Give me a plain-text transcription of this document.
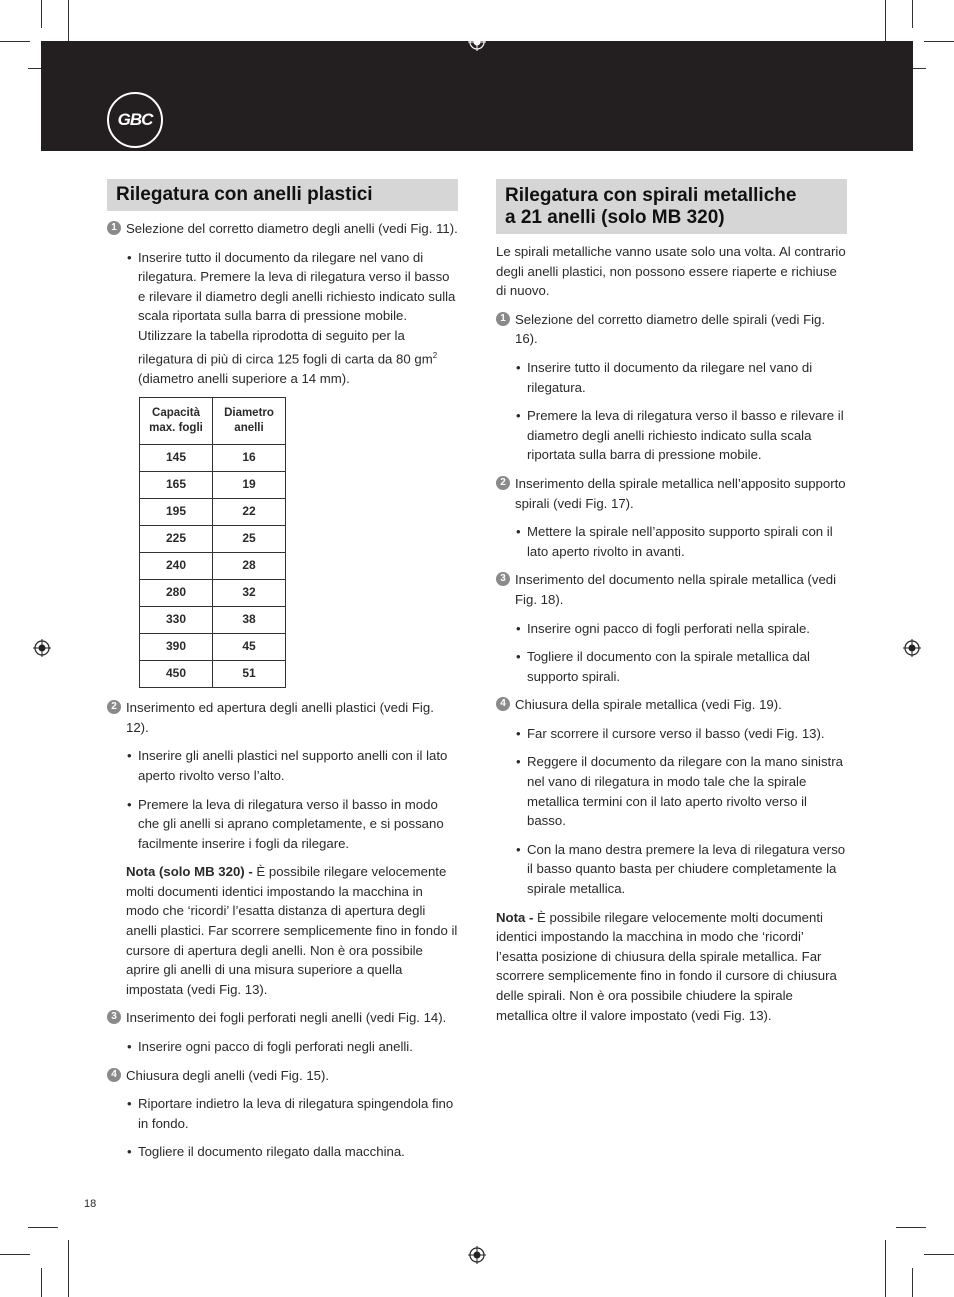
GBC
Rilegatura con anelli plastici
1 Selezione del corretto diametro degli anelli (vedi Fig. 11).
• Inserire tutto il documento da rilegare nel vano di rilegatura. Premere la leva di rilegatura verso il basso e rilevare il diametro degli anelli richiesto indicato sulla scala riportata sulla barra di pressione mobile. Utilizzare la tabella riprodotta di seguito per la rilegatura di più di circa 125 fogli di carta da 80 $gm^2$ (diametro anelli superiore a 14 mm).
Capacità max. fogli	Diametro anelli
145	16
165	19
195	22
225	25
240	28
280	32
330	38
390	45
450	51
2 Inserimento ed apertura degli anelli plastici (vedi Fig. 12).
• Inserire gli anelli plastici nel supporto anelli con il lato aperto rivolto verso l’alto.
• Premere la leva di rilegatura verso il basso in modo che gli anelli si aprano completamente, e si possano facilmente inserire i fogli da rilegare.
Nota (solo MB 320) - È possibile rilegare velocemente molti documenti identici impostando la macchina in modo che ‘ricordi’ l’esatta distanza di apertura degli anelli plastici. Far scorrere semplicemente fino in fondo il cursore di apertura degli anelli. Non è ora possibile aprire gli anelli di una misura superiore a quella impostata (vedi Fig. 13).
3 Inserimento dei fogli perforati negli anelli (vedi Fig. 14).
• Inserire ogni pacco di fogli perforati negli anelli.
4 Chiusura degli anelli (vedi Fig. 15).
• Riportare indietro la leva di rilegatura spingendola fino in fondo.
• Togliere il documento rilegato dalla macchina.
Rilegatura con spirali metalliche
a 21 anelli (solo MB 320)
Le spirali metalliche vanno usate solo una volta. Al contrario degli anelli plastici, non possono essere riaperte e richiuse di nuovo.
1 Selezione del corretto diametro delle spirali (vedi Fig. 16).
• Inserire tutto il documento da rilegare nel vano di rilegatura.
• Premere la leva di rilegatura verso il basso e rilevare il diametro degli anelli richiesto indicato sulla scala riportata sulla barra di pressione mobile.
2 Inserimento della spirale metallica nell’apposito supporto spirali (vedi Fig. 17).
• Mettere la spirale nell’apposito supporto spirali con il lato aperto rivolto in avanti.
3 Inserimento del documento nella spirale metallica (vedi Fig. 18).
• Inserire ogni pacco di fogli perforati nella spirale.
• Togliere il documento con la spirale metallica dal supporto spirali.
4 Chiusura della spirale metallica (vedi Fig. 19).
• Far scorrere il cursore verso il basso (vedi Fig. 13).
• Reggere il documento da rilegare con la mano sinistra nel vano di rilegatura in modo tale che la spirale metallica termini con il lato aperto rivolto verso il basso.
• Con la mano destra premere la leva di rilegatura verso il basso quanto basta per chiudere completamente la spirale metallica.
Nota - È possibile rilegare velocemente molti documenti identici impostando la macchina in modo che ‘ricordi’ l’esatta posizione di chiusura della spirale metallica. Far scorrere semplicemente fino in fondo il cursore di chiusura delle spirali. Non è ora possibile chiudere la spirale metallica oltre il valore impostato (vedi Fig. 13).
18
